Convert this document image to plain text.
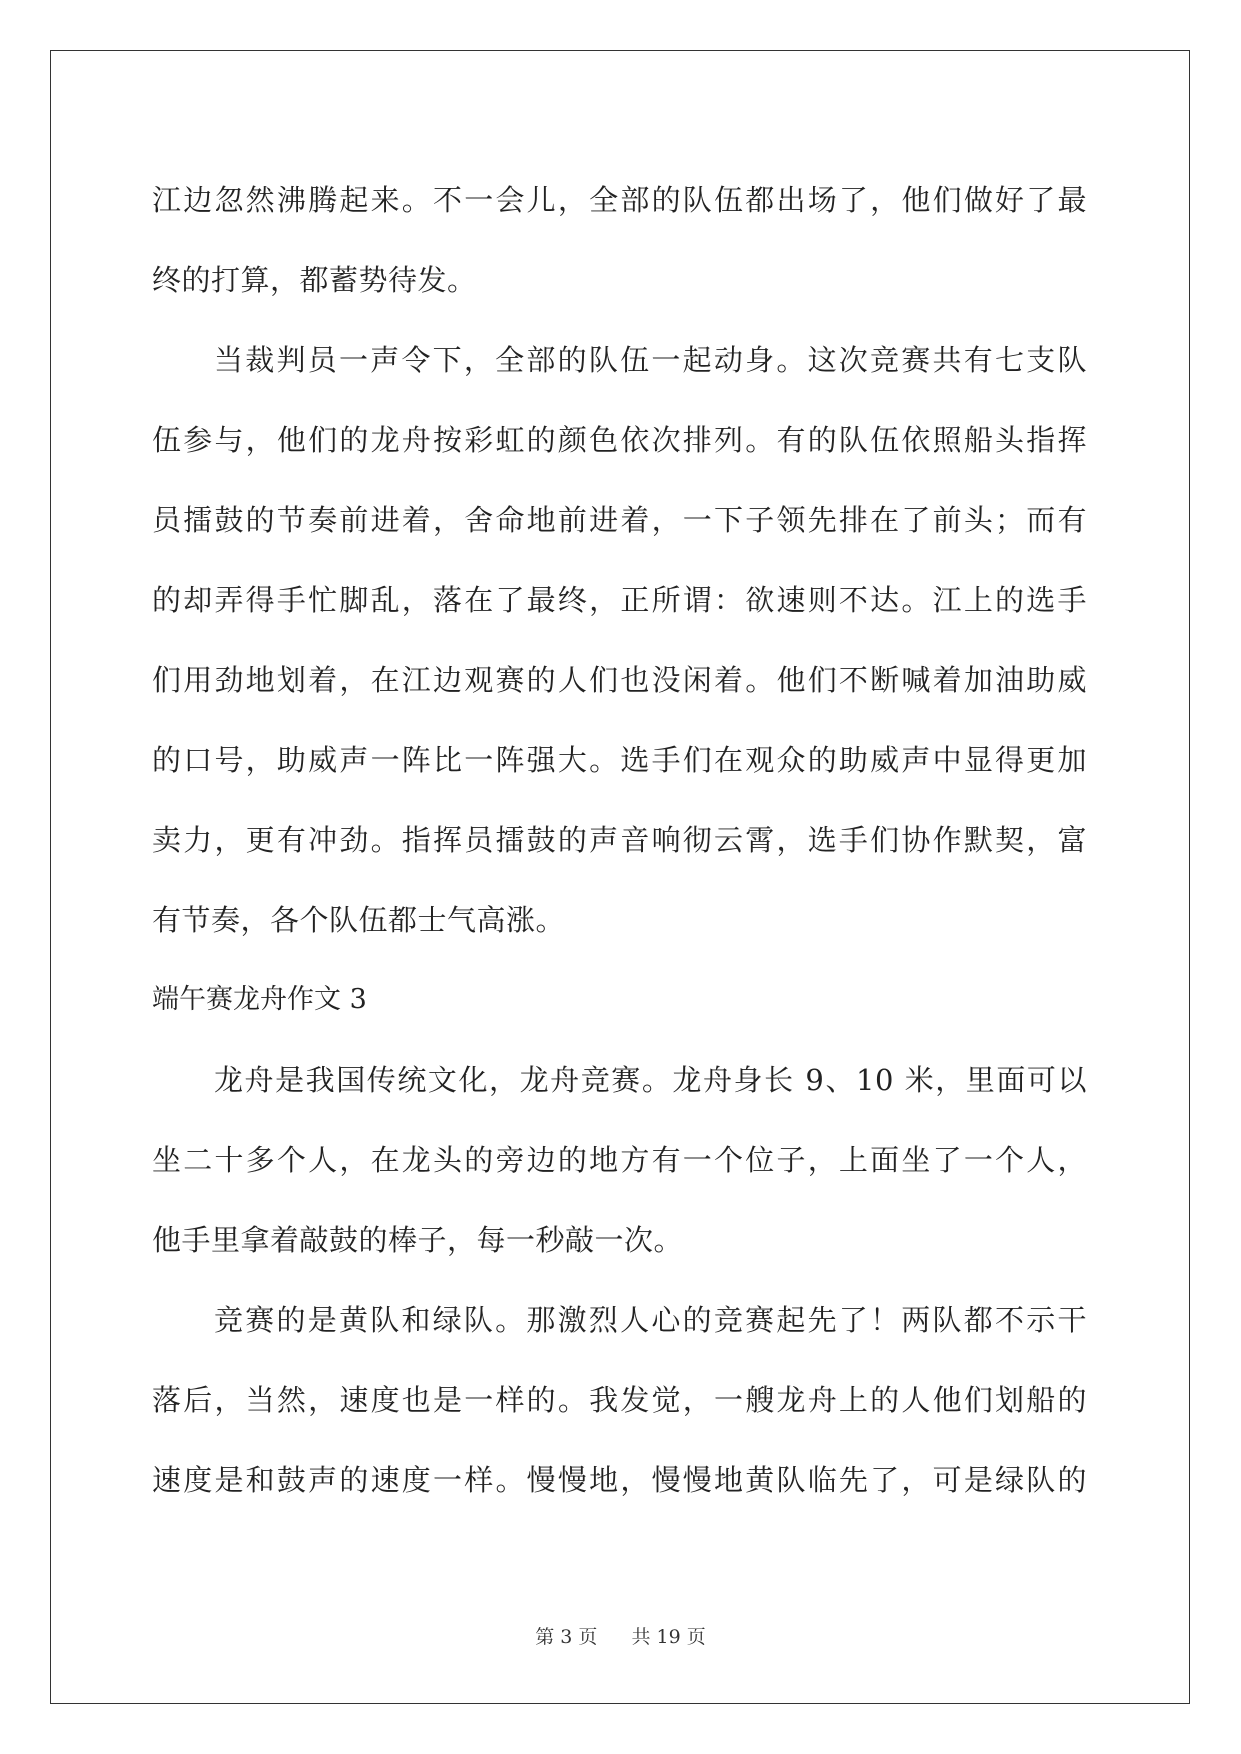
江边忽然沸腾起来。不一会儿，全部的队伍都出场了，他们做好了最
终的打算，都蓄势待发。
当裁判员一声令下，全部的队伍一起动身。这次竞赛共有七支队
伍参与，他们的龙舟按彩虹的颜色依次排列。有的队伍依照船头指挥
员擂鼓的节奏前进着，舍命地前进着，一下子领先排在了前头；而有
的却弄得手忙脚乱，落在了最终，正所谓：欲速则不达。江上的选手
们用劲地划着，在江边观赛的人们也没闲着。他们不断喊着加油助威
的口号，助威声一阵比一阵强大。选手们在观众的助威声中显得更加
卖力，更有冲劲。指挥员擂鼓的声音响彻云霄，选手们协作默契，富
有节奏，各个队伍都士气高涨。
端午赛龙舟作文 3
龙舟是我国传统文化，龙舟竞赛。龙舟身长 9、10 米，里面可以
坐二十多个人，在龙头的旁边的地方有一个位子，上面坐了一个人，
他手里拿着敲鼓的棒子，每一秒敲一次。
竞赛的是黄队和绿队。那激烈人心的竞赛起先了！两队都不示干
落后，当然，速度也是一样的。我发觉，一艘龙舟上的人他们划船的
速度是和鼓声的速度一样。慢慢地，慢慢地黄队临先了，可是绿队的
第 3 页 共 19 页
